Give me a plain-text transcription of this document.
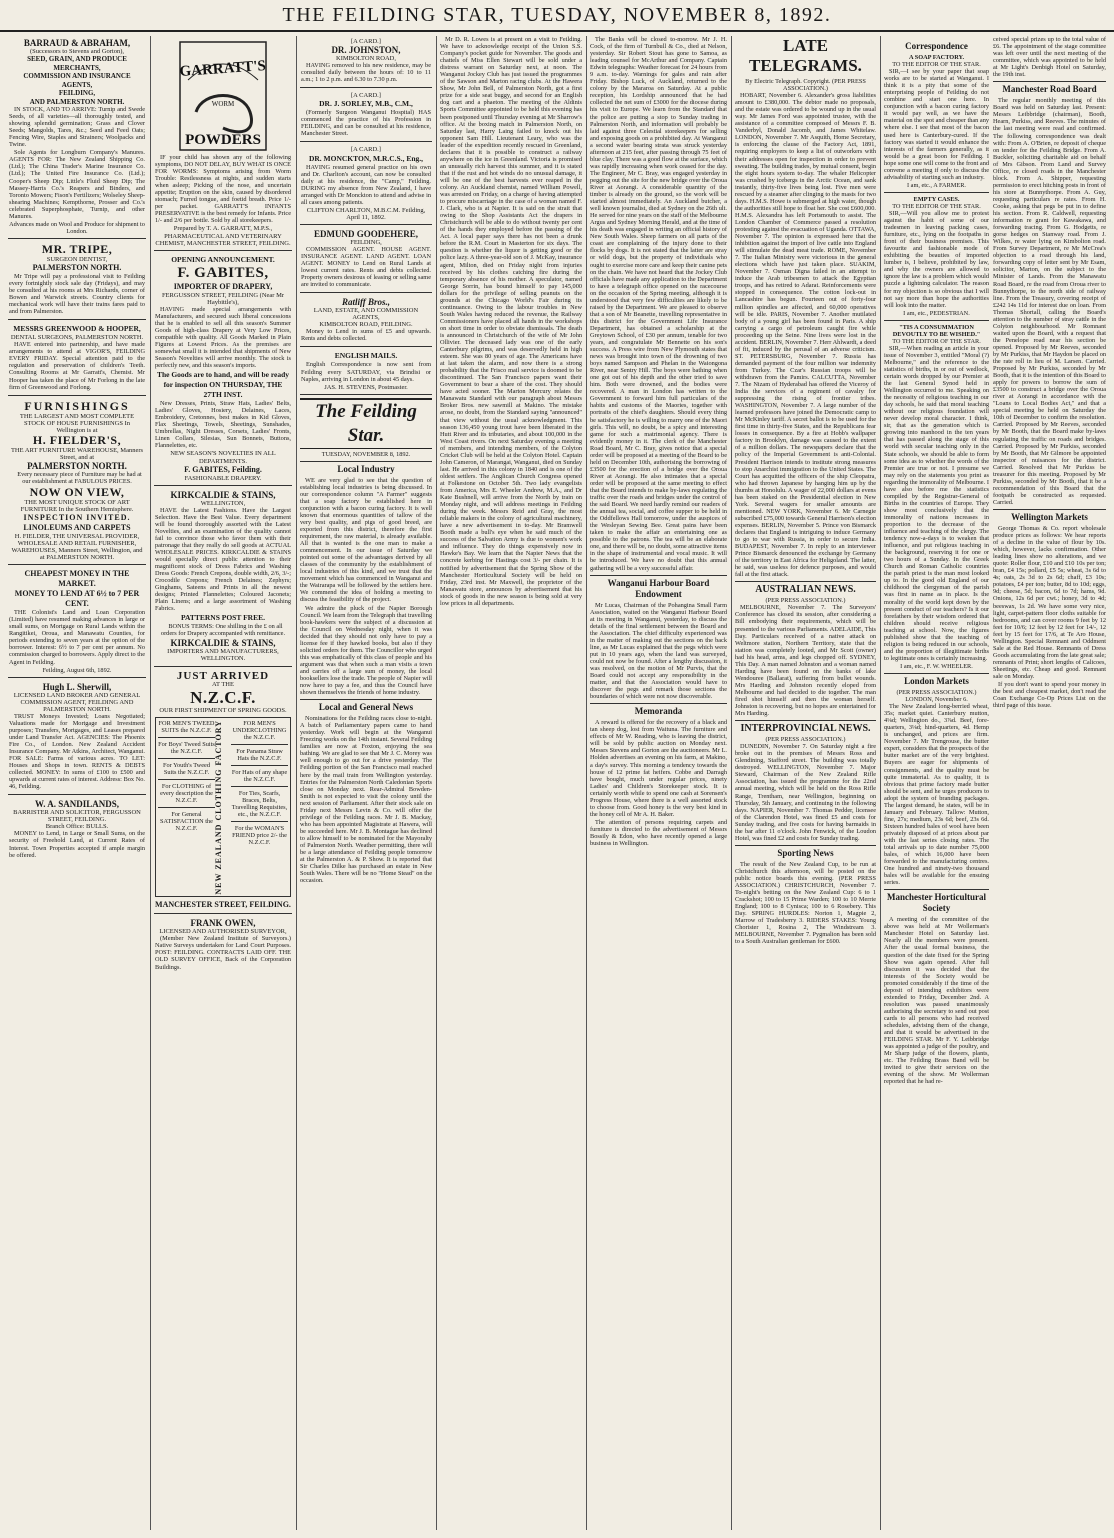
THE FEILDING STAR, TUESDAY, NOVEMBER 8, 1892.
BARRAUD & ABRAHAM,
(Successors to Stevens and Gorton),
SEED, GRAIN, AND PRODUCE MERCHANTS,
COMMISSION AND INSURANCE AGENTS,
FEILDING,
AND PALMERSTON NORTH.

IN STOCK, AND TO ARRIVE: Turnip and Swede Seeds, of all varieties—all thoroughly tested, and showing splendid germination; Grass and Clover Seeds; Mangolds, Tares, &c.; Seed and Feed Oats; Fencing Wire, Staples and Strainers; Woolpacks and Twine.

Sole Agents for Longburn Company's Manures. AGENTS FOR: The New Zealand Shipping Co. (Ltd.); The China Trader's Marine Insurance Co. (Ltd.); The United Fire Insurance Co. (Ltd.); Cooper's Sheep Dip; Little's Fluid Sheep Dip; The Massey-Harris Co.'s Reapers and Binders, and Toronto Mowers; Fison's Fertilizers; Wolseley Sheep-shearing Machines; Kempthorne, Prosser and Co.'s celebrated Superphosphate, Turnip, and other Manures.

Advances made on Wool and Produce for shipment to London.
MR. TRIPE,
SURGEON DENTIST,
PALMERSTON NORTH.

Mr Tripe will pay a professional visit to Feilding every fortnightly stock sale day (Fridays), and may be consulted at his rooms at Mrs Richards, corner of Bowen and Warwick streets. Country clients for mechanical work will have their trains fares paid to and from Palmerston.

MESSRS GREENWOOD & HOOPER,
DENTAL SURGEONS, PALMERSTON NORTH.

HAVE entered into partnership, and have made arrangements to attend at VIGOR'S, FEILDING EVERY FRIDAY. Special attention paid to the regulation and preservation of children's Teeth. Consulting Rooms at Mr Garratt's, Chemist. Mr Hooper has taken the place of Mr Forlong in the late firm of Greenwood and Forlong.

FURNISHINGS
THE LARGEST AND MOST COMPLETE STOCK OF HOUSE FURNISHINGS In Wellington is at
H. FIELDER'S,
THE ART FURNITURE WAREHOUSE, Manners Street, and at
PALMERSTON NORTH.

Every necessary piece of Furniture may be had at our establishment at FABULOUS PRICES.

NOW ON VIEW,
THE MOST UNIQUE STOCK OF ART FURNITURE In the Southern Hemisphere.
INSPECTION INVITED.
LINOLEUMS AND CARPETS
H. FIELDER, THE UNIVERSAL PROVIDER, WHOLESALE AND RETAIL FURNISHER, WAREHOUSES, Manners Street, Wellington, and at PALMERSTON NORTH.
CHEAPEST MONEY IN THE MARKET.
MONEY TO LEND AT 6½ to 7 PER CENT.

THE Colonist's Land and Loan Corporation (Limited) have resumed making advances in large or small sums, on Mortgage on Rural Lands within the Rangitikei, Oroua, and Manawatu Counties, for periods extending to seven years at the option of the borrower. Interest: 6½ to 7 per cent per annum. No commission charged to borrowers. Apply direct to the Agent in Feilding.

Feilding, August 6th, 1892.
Hugh L. Sherwill,
LICENSED LAND BROKER AND GENERAL COMMISSION AGENT, FEILDING AND PALMERSTON NORTH.

TRUST Moneys Invested; Loans Negotiated; Valuations made for Mortgage and Investment purposes; Transfers, Mortgages, and Leases prepared under Land Transfer Act. AGENCIES: The Phoenix Fire Co., of London. New Zealand Accident Insurance Company. Mr Atkins, Architect, Wanganui. FOR SALE: Farms of various acres. TO LET: Houses and Shops in town. RENTS & DEBTS collected. MONEY: In sums of £100 to £500 and upwards at current rates of interest. Address: Box No. 46, Feilding.

W. A. SANDILANDS,
BARRISTER AND SOLICITOR, FERGUSSON STREET, FEILDING.
Branch Office: BULLS.

MONEY to Lend, in Large or Small Sums, on the security of Freehold Land, at Current Rates of Interest. Town Properties accepted if ample margin be offered.

GARRATT'S
WORM
POWDERS

IF your child has shown any of the following symptoms, DO NOT DELAY, BUY WHAT IS ONCE FOR WORMS: Symptoms arising from Worm Trouble: Restlessness at nights, and sudden starts when asleep; Picking of the nose, and uncertain appetite; Eruption on the skin, caused by disordered stomach; Furred tongue, and foetid breath. Price 1/- per packet. GARRATT'S INFANTS PRESERVATIVE is the best remedy for Infants. Price 1/- and 2/6 per bottle. Sold by all storekeepers.

Prepared by T. A. GARRATT, M.P.S., PHARMACEUTICAL AND VETERINARY CHEMIST, MANCHESTER STREET, FEILDING.
OPENING ANNOUNCEMENT.
F. GABITES,
IMPORTER OF DRAPERY,
FERGUSSON STREET, FEILDING (Near Mr Haybittle's),

HAVING made special arrangements with Manufacturers, and secured such liberal concessions that he is enabled to sell all this season's Summer Goods of high-class Drapery at Very Low Prices, compatible with quality. All Goods Marked in Plain Figures at Lowest Prices. As the premises are somewhat small it is intended that shipments of New Season's Novelties will arrive monthly. The stock is perfectly new, and this season's imports.

The Goods are to hand, and will be ready for inspection ON THURSDAY, THE 27TH INST.

New Dresses, Prints, Straw Hats, Ladies' Belts, Ladies' Gloves, Hosiery, Delaines, Laces, Embroidery, Cretonnes, best makes in Kid Gloves, Flax Sheetings, Towels, Sheetings, Sunshades, Umbrellas, Night Dresses, Corsets, Ladies' Fronts, Linen Collars, Silesias, Sun Bonnets, Buttons, Flannelettes, etc.

NEW SEASON'S NOVELTIES IN ALL DEPARTMENTS.
F. GABITES, Feilding.
FASHIONABLE DRAPERY.
KIRKCALDIE & STAINS,
WELLINGTON,

HAVE the Latest Fashions. Have the Largest Selection. Have the Best Value. Every department will be found thoroughly assorted with the Latest Novelties, and an examination of the quality cannot fail to convince those who favor them with their patronage that they really do sell goods at ACTUAL WHOLESALE PRICES. KIRKCALDIE & STAINS would specially direct public attention to their magnificent stock of Dress Fabrics and Washing Dress Goods: French Crepons, double width, 2/6, 3/-; Crocodile Crepons; French Delaines; Zephyrs; Ginghams, Sateens and Prints in all the newest designs; Printed Flannelettes; Coloured Jaconets; Plain Linens; and a large assortment of Washing Fabrics.

PATTERNS POST FREE.

BONUS TERMS: One shilling in the £ on all orders for Drapery accompanied with remittance.

KIRKCALDIE & STAINS,
IMPORTERS AND MANUFACTURERS, WELLINGTON.
JUST ARRIVED
AT THE
N.Z.C.F.
OUR FIRST SHIPMENT OF SPRING GOODS.
FOR MEN'S TWEED SUITS the N.Z.C.F.
For Boys' Tweed Suits the N.Z.C.F.
For Youth's Tweed Suits the N.Z.C.F.
For CLOTHING of every description the N.Z.C.F.
For General SATISFACTION the N.Z.C.F.	NEW ZEALAND CLOTHING FACTORY	FOR MEN'S UNDERCLOTHING the N.Z.C.F.
For Panama Straw Hats the N.Z.C.F.
For Hats of any shape the N.Z.C.F.
For Ties, Scarfs, Braces, Belts, Travelling Requisites, etc., the N.Z.C.F.
For the WOMAN'S FRIEND price 2/- the N.Z.C.F.
MANCHESTER STREET, FEILDING.
FRANK OWEN,
LICENSED AND AUTHORISED SURVEYOR,

(Member New Zealand Institute of Surveyors.) Native Surveys undertaken for Land Court Purposes. POST: FEILDING. CONTRACTS LAID OFF. THE OLD SURVEY OFFICE, Back of the Corporation Buildings.

[A CARD.]
DR. JOHNSTON,
KIMBOLTON ROAD,

HAVING removed to his new residence, may be consulted daily between the hours of: 10 to 11 a.m.; 1 to 2 p.m. and 6.30 to 7.30 p.m.

[A CARD.]
DR. J. SORLEY, M.B., C.M.,

(Formerly Surgeon Wanganui Hospital) HAS commenced the practice of his Profession in FEILDING, and can be consulted at his residence, Manchester Street.

[A CARD.]
DR. MONCKTON, M.R.C.S., Eng.,

HAVING resumed general practice on his own and Dr. Charlton's account, can now be consulted daily at his residence, the "Camp," Feilding. DURING my absence from New Zealand, I have arranged with Dr Monckton to attend and advise in all cases among patients.

CLIFTON CHARLTON, M.B.C.M. Feilding, April 11, 1892.
EDMUND GOODEHERE,
FEILDING,

COMMISSION AGENT. HOUSE AGENT. INSURANCE AGENT. LAND AGENT. LOAN AGENT. MONEY to Lend on Rural Lands at lowest current rates. Rents and debts collected. Property owners desirous of leasing or selling same are invited to communicate.

Ratliff Bros.,
LAND, ESTATE, AND COMMISSION AGENTS,
KIMBOLTON ROAD, FEILDING.

Money to Lend in sums of £5 and upwards. Rents and debts collected.

ENGLISH MAILS.

English Correspondence is now sent from Feilding every SATURDAY, via Brindisi or Naples, arriving in London in about 45 days.

JAS. H. STEVENS, Postmaster.
The Feilding Star.
TUESDAY, NOVEMBER 8, 1892.
Local Industry

WE are very glad to see that the question of establishing local industries is being discussed. In our correspondence column "A Farmer" suggests that a soap factory be established here in conjunction with a bacon curing factory. It is well known that enormous quantities of tallow of the very best quality, and pigs of good breed, are exported from this district, therefore the first requirement, the raw material, is already available. All that is wanted is the one man to make a commencement. In our issue of Saturday we pointed out some of the advantages derived by all classes of the community by the establishment of local industries of this kind, and we trust that the movement which has commenced in Wanganui and the Wairarapa will be followed by the settlers here. We commend the idea of holding a meeting to discuss the feasibility of the project.

We admire the pluck of the Napier Borough Council. We learn from the Telegraph that travelling book-hawkers were the subject of a discussion at the Council on Wednesday night, when it was decided that they should not only have to pay a license fee if they hawked books, but also if they solicited orders for them. The Councillor who urged this was emphatically of this class of people and his argument was that when such a man visits a town and carries off a large sum of money, the local booksellers lose the trade. The people of Napier will now have to pay a fee, and thus the Council have shown themselves the friends of home industry.

Local and General News

Nominations for the Feilding races close to-night. A batch of Parliamentary papers came to hand yesterday. Work will begin at the Wanganui Freezing works on the 14th instant. Several Feilding families are now at Foxton, enjoying the sea bathing. We are glad to see that Mr J. C. Morey was well enough to go out for a drive yesterday. The Feilding portion of the San Francisco mail reached here by the mail train from Wellington yesterday. Entries for the Palmerston North Caledonian Sports close on Monday next. Rear-Admiral Bowden-Smith is not expected to visit the colony until the next session of Parliament. After their stock sale on Friday next Messrs Levin & Co. will offer the privilege of the Feilding races. Mr J. B. Mackay, who has been appointed Magistrate at Hawera, will be succeeded here. Mr J. B. Montague has declined to allow himself to be nominated for the Mayoralty of Palmerston North. Weather permitting, there will be a large attendance of Feilding people tomorrow at the Palmerston A. & P. Show. It is reported that Sir Charles Dilke has purchased an estate in New South Wales. There will be no "Home Stead" on the occasion.

Mr D. R. Lowes is at present on a visit to Feilding. We have to acknowledge receipt of the Union S.S. Company's pocket guide for November. The goods and chattels of Miss Ellen Stewart will be sold under a distress warrant on Saturday next, at noon. The Wanganui Jockey Club has just issued the programmes of the Sawson and Marton racing clubs. At the Hawera Show, Mr John Bell, of Palmerston North, got a first prize for a side seat buggy, and second for an English dog cart and a phaeton. The meeting of the Aldinis Sports Committee appointed to be held this evening has been postponed until Thursday evening at Mr Sharrow's office. At the boxing match in Palmerston North, on Saturday last, Harry Laing failed to knock out his opponent Sam Hill. Lieutenant Leary, who was the leader of the expedition recently rescued in Greenland, declares that it is possible to construct a railway anywhere on the ice in Greenland. Victoria is promised an unusually rich harvest this summer, and it is stated that if the rust and hot winds do no unusual damage, it will be one of the best harvests ever reaped in the colony. An Auckland chemist, named William Powell, was arrested on Friday, on a charge of having attempted to procure miscarriage in the case of a woman named F. J. Clark, who is at Napier. It is said on the strait that owing to the Shop Assistants Act the drapers in Christchurch will be able to do without twenty per cent of the hands they employed before the passing of the Act. A local paper says there has not been a drunk before the R.M. Court in Masterton for six days. The question is whether the liquor is getting good or the police lazy. A three-year-old son of J. McKay, insurance agent, Milton, died on Friday night from injuries received by his clothes catching fire during the temporary absence of his mother. A speculator, named George Sorrin, has bound himself to pay 145,000 dollars for the privilege of selling peanuts on the grounds at the Chicago World's Fair during its continuance. Owing to the labour troubles in New South Wales having reduced the revenue, the Railway Commissioners have placed all hands in the workshops on short time in order to obviate dismissals. The death is announced in Christchurch of the wife of Mr John Ollivier. The deceased lady was one of the early Canterbury pilgrims, and was deservedly held in high esteem. She was 80 years of age. The Americans have at last taken the alarm, and now there is a strong probability that the Frisco mail service is doomed to be discontinued. The San Francisco papers want their Government to bear a share of the cost. They should have acted sooner. The Marton Mercury relates the Manawatu Standard with our paragraph about Messrs Broker Bros. new sawmill at Makino. The mistake arose, no doubt, from the Standard saying "announced" that view without the usual acknowledgment. This season 136,450 young trout have been liberated in the Hutt River and its tributaries, and about 100,000 in the West Coast rivers. On next Saturday evening a meeting of members, and intending members, of the Colyton Cricket Club will be held at the Colyton Hotel. Captain John Cameron, of Marangai, Wanganui, died on Sunday last. He arrived in this colony in 1840 and is one of the oldest settlers. The Anglican Church Congress opened at Folkestone on October 5th. Two lady evangelists from America, Mrs E. Wheeler Andrew, M.A., and Dr Kate Bushnell, will arrive from the North by train on Monday night, and will address meetings in Feilding during the week. Messrs Reid and Gray, the most reliable makers in the colony of agricultural machinery, have a new advertisement in to-day. Mr Bramwell Booth made a bull's eye when he said much of the success of the Salvation Army is due to women's work and influence. They do things expensively now in Hawke's Bay. We learn that the Napier News that the concrete kerbing for Hastings cost 3/- per chain. It is notified by advertisement that the Spring Show of the Manchester Horticultural Society will be held on Friday, 23rd inst. Mr Maxwell, the proprietor of the Manawatu store, announces by advertisement that his stock of goods in the new season is being sold at very low prices in all departments.

The Banks will be closed to-morrow. Mr J. H. Cock, of the firm of Turnbull & Co., died at Nelson, yesterday. Sir Robert Stout has gone to Samoa, as leading counsel for McArthur and Company. Captain Edwin telegraphs: Weather forecast for 24 hours from 9 a.m. to-day. Warnings for gales and rain after Friday. Bishop Luck, of Auckland, returned to the colony by the Mararoa on Saturday. At a public reception, his Lordship announced that he had collected the net sum of £3000 for the diocese during his visit to Europe. We learn from the Standard that the police are putting a stop to Sunday trading in Palmerston North, and information will probably be laid against three Celestial storekeepers for selling and exposing goods on a prohibited day. At Wanganui a second water bearing strata was struck yesterday afternoon at 215 feet, after passing through 75 feet of blue clay. There was a good flow at the surface, which was rapidly increasing when work ceased for the day. The Engineer, Mr C. Bray, was engaged yesterday in pegging out the site for the new bridge over the Oroua River at Aorangi. A considerable quantity of the timber is already on the ground, so the work will be started almost immediately. An Auckland butcher, a well known journalist, died at Sydney on the 26th ult. He served for nine years on the staff of the Melbourne Argus and Sydney Morning Herald, and at the time of his death was engaged in writing an official history of New South Wales. Sheep farmers on all parts of the coast are complaining of the injury done to their flocks by dogs. It is not stated that the latter are stray or wild dogs, but the property of individuals who ought to exercise more care and keep their canine pets on the chain. We have not heard that the Jockey Club officials have made any application to the Department to have a telegraph office opened on the racecourse on the occasion of the Spring meeting, although it is understood that very few difficulties are likely to be raised by the Department. We are pleased to observe that a son of Mr Beanette, travelling representative in this district for the Government Life Insurance Department, has obtained a scholarship at the Greytown School, of £30 per annum, tenable for two years, and congratulate Mr Bennette on his son's success. A Press wire from New Plymouth states that news was brought into town of the drowning of two boys named Sampson and Phelan in the Waiongona River, near Sentry Hill. The boys were bathing when one got out of his depth and the other tried to save him. Both were drowned, and the bodies were recovered. A man in London has written to the Government to forward him full particulars of the habits and customs of the Maories, together with portraits of the chief's daughters. Should every thing be satisfactory he is willing to marry one of the Maori girls. This will, no doubt, be a spicy and interesting game for such a matrimonial agency. There is evidently money in it. The clerk of the Manchester Road Board, Mr C. Bray, gives notice that a special order will be proposed at a meeting of the Board to be held on December 10th, authorising the borrowing of £3500 for the erection of a bridge over the Oroua River at Aorangi. He also intimates that a special order will be proposed at the same meeting to effect that the Board intends to make by-laws regulating the traffic over the roads and bridges under the control of the said Board. We need hardly remind our readers of the annual tea, social, and coffee supper to be held in the Oddfellows Hall tomorrow, under the auspices of the Wesleyan Sewing Bee. Great pains have been taken to make the affair an entertaining one as possible to the patrons. The tea will be an elaborate one, and there will be, no doubt, some attractive items in the shape of instrumental and vocal music. It will be introduced. We have no doubt that this annual gathering will be a very successful affair.

Wanganui Harbour Board Endowment

Mr Lucas, Chairman of the Pohangina Small Farm Association, waited on the Wanganui Harbour Board at its meeting in Wanganui, yesterday, to discuss the details of the final settlement between the Board and the Association. The chief difficulty experienced was in the matter of making out the sections on the back line, as Mr Lucas explained that the pegs which were put in 10 years ago, when the land was surveyed, could not now be found. After a lengthy discussion, it was resolved, on the motion of Mr Purvis, that the Board could not accept any responsibility in the matter, and that the Association would have to discover the pegs and remark those sections the boundaries of which were not now discoverable.

Memoranda

A reward is offered for the recovery of a black and tan sheep dog, lost from Waituna. The furniture and effects of Mr W. Reading, who is leaving the district, will be sold by public auction on Monday next. Messrs Stevens and Gorton are the auctioneers. Mr L. Holden advertises an evening on his farm, at Makino, a day's survey. This morning a tendency towards the house of 12 prime fat heifers. Cobbe and Darragh have bought, much under regular prices, ninety Ladies' and Children's Storekeeper stock. It is certainly worth while to spend one cash at Sorensen's Progress House, where there is a well assorted stock to choose from. Good honey is the very best kind in the honey cell of Mr A. H. Baker.

The attention of persons requiring carpets and furniture is directed to the advertisement of Messrs Bossily & Edon, who have recently opened a large business in Wellington.

LATE TELEGRAMS.
By Electric Telegraph. Copyright. (PER PRESS ASSOCIATION.)

HOBART, November 6. Alexander's gross liabilities amount to £380,000. The debtor made no proposals, and the estate was ordered to be wound up in the usual way. Mr James Ford was appointed trustee, with the assistance of a committee composed of Messrs F. B. Vanderbyl, Donald Jacomb, and James Whitelaw. LONDON, November 7. Mr Asquith, Home Secretary, is enforcing the clause of the Factory Act, 1891, requiring employers to keep a list of outworkers with their addresses open for inspection in order to prevent sweating. The building trades, by mutual consent, begin the eight hours system to-day. The whaler Helicopter was crushed by icebergs in the Arctic Ocean, and sank instantly, thirty-five lives being lost. Five men were rescued by a steamer after clinging to the masts for two days. H.M.S. Howe is submerged at high water, though the authorities still hope to float her. She cost £600,000. H.M.S. Alexandra has left Portsmouth to assist. The London Chamber of Commerce passed a resolution protesting against the evacuation of Uganda. OTTAWA, November 7. The opinion is expressed here that the inhibition against the import of live cattle into England will stimulate the dead meat trade. ROME, November 7. The Italian Ministry were victorious in the general elections which have just taken place. SUAKIM, November 7. Osman Digna failed in an attempt to induce the Arab tribesmen to attack the Egyptian troops, and has retired to Adarat. Reinforcements were stopped in consequence. The cotton lock-out in Lancashire has begun. Fourteen out of forty-four million spindles are affected, and 60,000 operatives will be idle. PARIS, November 7. Another mutilated body of a young girl has been found in Paris. A ship carrying a cargo of petroleum caught fire while proceeding up the Seine. Nine lives were lost in the accident. BERLIN, November 7. Herr Ahlwardt, a deed of fit, induced by the perusal of an adverse criticism. ST. PETERSBURG, November 7. Russia has demanded payment of the four million war indemnity from Turkey. The Czar's Russian troops will be withdrawn from the Pamirs. CALCUTTA, November 7. The Nizam of Hyderabad has offered the Viceroy of India the services of a regiment of cavalry for suppressing the rising of frontier tribes. WASHINGTON, November 7. A large number of the learned professors have joined the Democratic camp to Mr McKinley tariff. A secret ballot is to be used for the first time in thirty-five States, and the Republicans fear losses in consequence. By a fire at Hobb's wallpaper factory in Brooklyn, damage was caused to the extent of a million dollars. The newspapers declare that the policy of the Imperial Government is anti-Colonial. President Harrison intends to institute strong measures to stop Anarchist immigration to the United States. The Court has acquitted the officers of the ship Cleopatra, who had thrown Japanese by hanging him up by the thumbs at Honolulu. A wager of 22,000 dollars at evens has been staked on the Presidential election in New York. Several wagers for smaller amounts are mentioned. NEW YORK, November 6. Mr Carnegie subscribed £75,000 towards General Harrison's election expenses. BERLIN, November 5. Prince von Bismarck declares that England is intriguing to induce Germany to go to war with Russia, in order to secure India. BUDAPEST, November 7. In reply to an interviewer Prince Bismarck denounced the exchange by Germany of the territory in East Africa for Heligoland. The latter, he said, was useless for defence purposes, and would fall at the first attack.

AUSTRALIAN NEWS.
(PER PRESS ASSOCIATION.)

MELBOURNE, November 7. The Surveyors' Conference has closed its session, after considering a Bill embodying their requirements, which will be presented to the various Parliaments. ADELAIDE, This Day. Particulars received of a native attack on Weltmore station, Northern Territory, state that the station was completely looted, and Mr Scott (owner) had his head, arms, and legs chopped off. SYDNEY, This Day. A man named Johnston and a woman named Harding have been found on the banks of lake Wendouree (Ballarat), suffering from bullet wounds. Mrs Harding and Johnston recently eloped from Melbourne and had decided to die together. The man fired shot himself and then the woman herself. Johnston is recovering, but no hopes are entertained for Mrs Harding.

INTERPROVINCIAL NEWS.
(PER PRESS ASSOCIATION.)

DUNEDIN, November 7. On Saturday night a fire broke out in the premises of Messrs Ross and Glendining, Stafford street. The building was totally destroyed. WELLINGTON, November 7. Major Steward, Chairman of the New Zealand Rifle Association, has issued the programme for the 22nd annual meeting, which will be held on the Ross Rifle Range, Trentham, near Wellington, beginning on Thursday, 5th January, and continuing in the following days. NAPIER, November 7. Thomas Pedder, licensee of the Clarendon Hotel, was fined £5 and costs for Sunday trading, and five costs for having barmaids in the bar after 11 o'clock. John Fenwick, of the Loudon Hotel, was fined £2 and costs for Sunday trading.

Sporting News

The result of the New Zealand Cup, to be run at Christchurch this afternoon, will be posted on the public notice boards this evening. (PER PRESS ASSOCIATION.) CHRISTCHURCH, November 7. To-night's betting on the New Zealand Cup: 6 to 1 Crackshot; 100 to 15 Prime Warden; 100 to 10 Merrie England; 100 to 8 Cynisca; 100 to 6 Rosebery. This Day. SPRING HURDLES: Norton 1, Magpie 2, Marrow of Tradesberry 3. RIDERS STAKES: Young Chorister 1, Rosina 2, The Windstream 3. MELBOURNE, November 7. Pygmalion has been sold to a South Australian gentleman for £600.

Correspondence
A SOAP FACTORY.
TO THE EDITOR OF THE STAR.

SIR,—I see by your paper that soap works are to be started at Wanganui. I think it is a pity that some of the enterprising people of Feilding do not combine and start one here. In conjunction with a bacon curing factory it would pay well, as we have the material on the spot and cheaper than any where else. I see that most of the bacon used here is Canterbury-cured. If the factory was started it would enhance the interests of the farmers generally, as it would be a great boon for Feilding. I hope some one will come to the front and convene a meeting if only to discuss the advisability of starting such an industry.

I am, etc., A FARMER.
EMPTY CASES.
TO THE EDITOR OF THE STAR.

SIR,—Will you allow me to protest against the habit of some of our tradesmen in leaving packing cases, furniture, etc., lying on the footpaths in front of their business premises. This favourite and fashionable mode of exhibiting the beauties of imported lumber is, I believe, prohibited by law, and why the owners are allowed to ignore the law is a problem which would puzzle a lightning calculator. The reason for my objection is so obvious that I will not say more than hope the authorities will look into the matter.

I am, etc., PEDESTRIAN.
"TIS A CONSUMMATION DEVOUTLY TO BE WISHED."
TO THE EDITOR OF THE STAR.

SIR,—When reading an article in your issue of November 3, entitled "Moral (?) Melbourne," and the reference to the statistics of births, in or out of wedlock, certain words dropped by our Premier at the last General Synod held in Wellington occurred to me. Speaking on the necessity of religious teaching in our day schools, he said that moral teaching without our religious foundation will never develop moral character. I think, sir, that as the generation which is growing into manhood in the ten years that has passed along the stage of this world with secular teaching only in the State schools, we should be able to form some idea as to whether the words of the Premier are true or not. I presume we may rely on the statements you print as regarding the immorality of Melbourne. I have also before me the statistics compiled by the Registrar-General of Births in the countries of Europe. They show most conclusively that the immorality of nations increases in proportion to the decrease of the influence and teaching of the clergy. The tendency now-a-days is to weaken that influence, and put religious teaching in the background, reserving it for one or two hours of a Sunday. In the Greek Church and Roman Catholic countries the parish priest is the man most looked up to. In the good old England of our childhood the clergyman of the parish was first in name as in place. Is the morality of the world kept down by the present conduct of our teachers? Is it our forefathers by their wisdom ordered that children should receive religious teaching at school. Now, the figures published show that the teaching of religion is being reduced in our schools, and the proportion of illegitimate births to legitimate ones is certainly increasing.

I am, etc., F. W. WHEELER.
London Markets
(PER PRESS ASSOCIATION.) LONDON, November 6.

The New Zealand long-berried wheat, 35s; market quiet. Canterbury mutton, 4⅛d; Wellington do., 3⅞d. Beef, fore-quarters, 3⅛d; hind-quarters, 4d. Hemp is unchanged, and prices are firm. November 7. Mr Trengrouse, the butter expert, considers that the prospects of the butter market are of the very brightest. Buyers are eager for shipments of consignments, and the quality must be quite immaterial. As to quality, it is obvious that prime factory made butter should be sent, and he urges producers to adopt the system of branding packages. The largest demand, he states, will be in January and February. Tallow: Mutton, fine, 27s; medium, 23s 6d; beef, 23s 6d. Sixteen hundred bales of wool have been privately disposed of at prices about par with the last series closing rates. The total arrivals up to date number 75,000 bales, of which 16,000 have been forwarded to the manufacturing centres. One hundred and ninety-two thousand bales will be available for the ensuing series.

Manchester Horticultural Society

A meeting of the committee of the above was held at Mr Wollerman's Manchester Hotel on Saturday last. Nearly all the members were present. After the usual formal business, the question of the date fixed for the Spring Show was again opened. After full discussion it was decided that the interests of the Society would be promoted considerably if the time of the deposit of intending exhibitors were extended to Friday, December 2nd. A resolution was passed unanimously authorising the secretary to send out post cards to all persons who had received schedules, advising them of the change, and that it would be advertised in the FEILDING STAR. Mr F. Y. Leibbridge was appointed a judge of the poultry, and Mr Sharp judge of the flowers, plants, etc. The Feilding Brass Band will be invited to give their services on the evening of the show. Mr Wollerman reported that he had re-

ceived special prizes up to the total value of £6. The appointment of the stage committee was left over until the next meeting of the committee, which was appointed to be held at Mr Light's Denbigh Hotel on Saturday, the 19th inst.

Manchester Road Board

The regular monthly meeting of this Board was held on Saturday last. Present: Messrs Leibbridge (chairman), Booth, Hearn, Purkiss, and Reeves. The minutes of the last meeting were read and confirmed. The following correspondence was dealt with: From A. O'Brien, re deposit of cheque on tender for the Feilding Bridge. From A. Buckler, soliciting charitable aid on behalf of Mrs Gibson. From Land and Survey Office, re closed roads in the Manchester block. From A. Shipper, requesting permission to erect hitching posts in front of his store at Bunnythorpe. From A. Guy, requesting particulars re rates. From H. Cooke, asking that pegs be put in to define his section. From R. Caldwell, requesting information re grant for Kawakawa, and forwarding tracing. From G. Hodgetts, re gorse hedges on Stanway road. From J. Wilkes, re water lying on Kimbolton road. From Survey Department, re Mr McCrea's objection to a road through his land, forwarding copy of letter sent by Mr Esam, solicitor, Marton, on the subject to the Minister of Lands. From the Manawatu Road Board, re the road from Oroua river to Bunnythorpe, to the north side of railway line. From the Treasury, covering receipt of £242 14s 11d for interest due on loan. From Thomas Shortall, calling the Board's attention to the number of stray cattle in the Colyton neighbourhood. Mr Romnant waited upon the Board, with a request that the Penelope road near his section be opened. Proposed by Mr Reeves, seconded by Mr Purkiss, that Mr Haydon be placed on the rate roll in lieu of M. Larsen. Carried. Proposed by Mr Purkiss, seconded by Mr Booth, that it is the intention of this Board to apply for powers to borrow the sum of £3500 to construct a bridge over the Oroua river at Aorangi in accordance with the "Loans to Local Bodies Act," and that a special meeting be held on Saturday the 10th of December to confirm the resolution. Carried. Proposed by Mr Reeves, seconded by Mr Booth, that the Board make by-laws regulating the traffic on roads and bridges. Carried. Proposed by Mr Purkiss, seconded by Mr Booth, that Mr Gilmore be appointed inspector of nuisances for the district. Carried. Resolved that Mr Purkiss be treasurer for this meeting. Proposed by Mr Purkiss, seconded by Mr Booth, that it be a recommendation of this Board that the footpath be constructed as requested. Carried.

Wellington Markets

George Thomas & Co. report wholesale produce prices as follows: We hear reports of a decline in the value of flour by 10s. which, however, lacks confirmation. Other leading lines show no alterations, and we quote: Roller flour, £10 and £10 10s per ton; bran, £4 15s; pollard, £5 5s; wheat, 3s 6d to 4s; oats, 2s 3d to 2s 6d; chaff, £3 10s; potatoes, £4 per ton; butter, 8d to 10d; eggs, 9d; cheese, 5d; bacon, 6d to 7d; hams, 9d. Onions, 12s 6d per cwt.; honey, 3d to 4d; beeswax, 1s 2d. We have some very nice, light, carpet-pattern floor cloths suitable for bedrooms, and can cover rooms 9 feet by 12 feet for 10/6; 12 feet by 12 feet for 14/-, 12 feet by 15 feet for 17/6, at Te Aro House, Wellington. Special Remnant and Oddment Sale at the Red House. Remnants of Dress Goods accumulating from the late great sale; remnants of Print; short lengths of Calicoes, Sheetings, etc. Cheap and good. Remnant sale on Monday.

If you don't want to spend your money in the best and cheapest market, don't read the Coan Exchange Co-Op Prices List on the third page of this issue.
